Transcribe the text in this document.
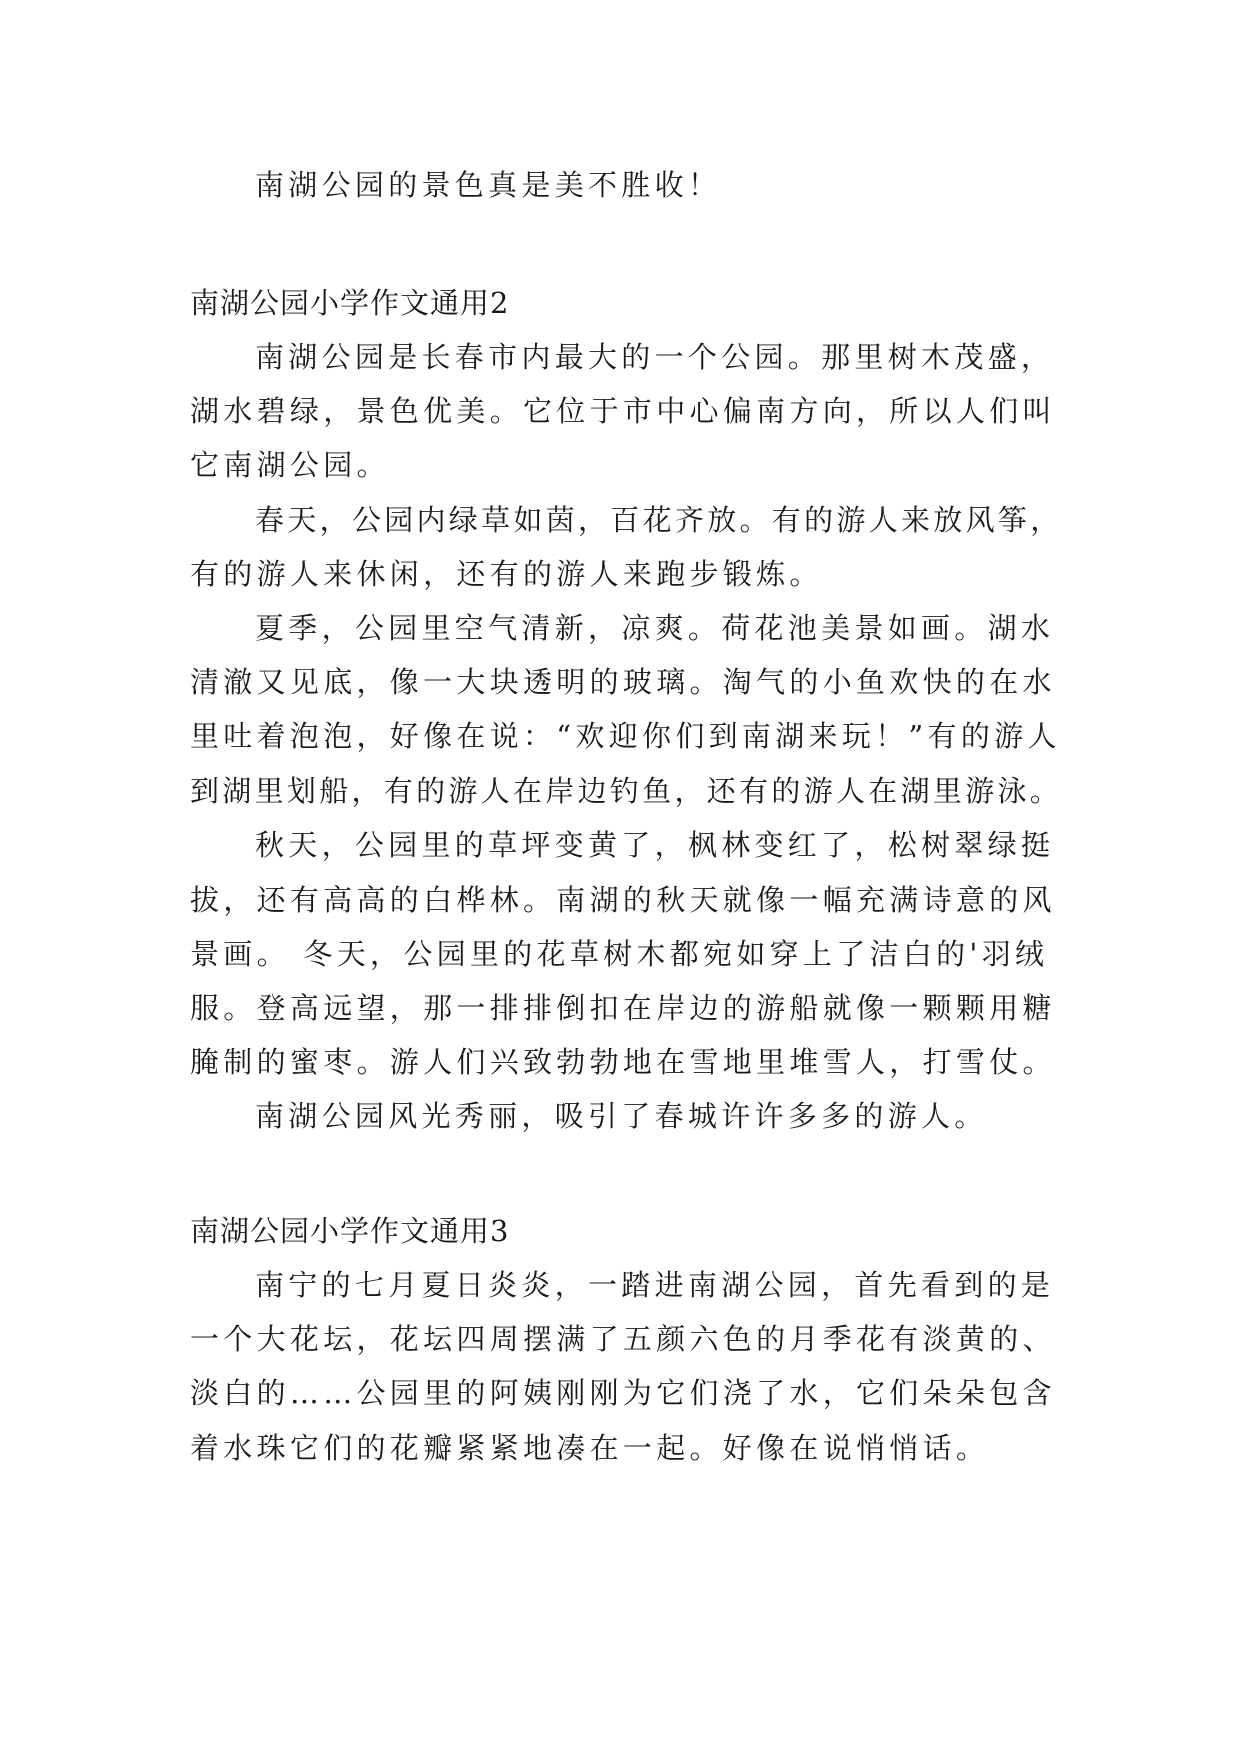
南湖公园的景色真是美不胜收！
南湖公园小学作文通用2
南湖公园是长春市内最大的一个公园。那里树木茂盛，
湖水碧绿，景色优美。它位于市中心偏南方向，所以人们叫
它南湖公园。
春天，公园内绿草如茵，百花齐放。有的游人来放风筝，
有的游人来休闲，还有的游人来跑步锻炼。
夏季，公园里空气清新，凉爽。荷花池美景如画。湖水
清澈又见底，像一大块透明的玻璃。淘气的小鱼欢快的在水
里吐着泡泡，好像在说：“欢迎你们到南湖来玩！”有的游人
到湖里划船，有的游人在岸边钓鱼，还有的游人在湖里游泳。
秋天，公园里的草坪变黄了，枫林变红了，松树翠绿挺
拔，还有高高的白桦林。南湖的秋天就像一幅充满诗意的风
景画。 冬天，公园里的花草树木都宛如穿上了洁白的'羽绒
服。登高远望，那一排排倒扣在岸边的游船就像一颗颗用糖
腌制的蜜枣。游人们兴致勃勃地在雪地里堆雪人，打雪仗。
南湖公园风光秀丽，吸引了春城许许多多的游人。
南湖公园小学作文通用3
南宁的七月夏日炎炎，一踏进南湖公园，首先看到的是
一个大花坛，花坛四周摆满了五颜六色的月季花有淡黄的、
淡白的……公园里的阿姨刚刚为它们浇了水，它们朵朵包含
着水珠它们的花瓣紧紧地凑在一起。好像在说悄悄话。
